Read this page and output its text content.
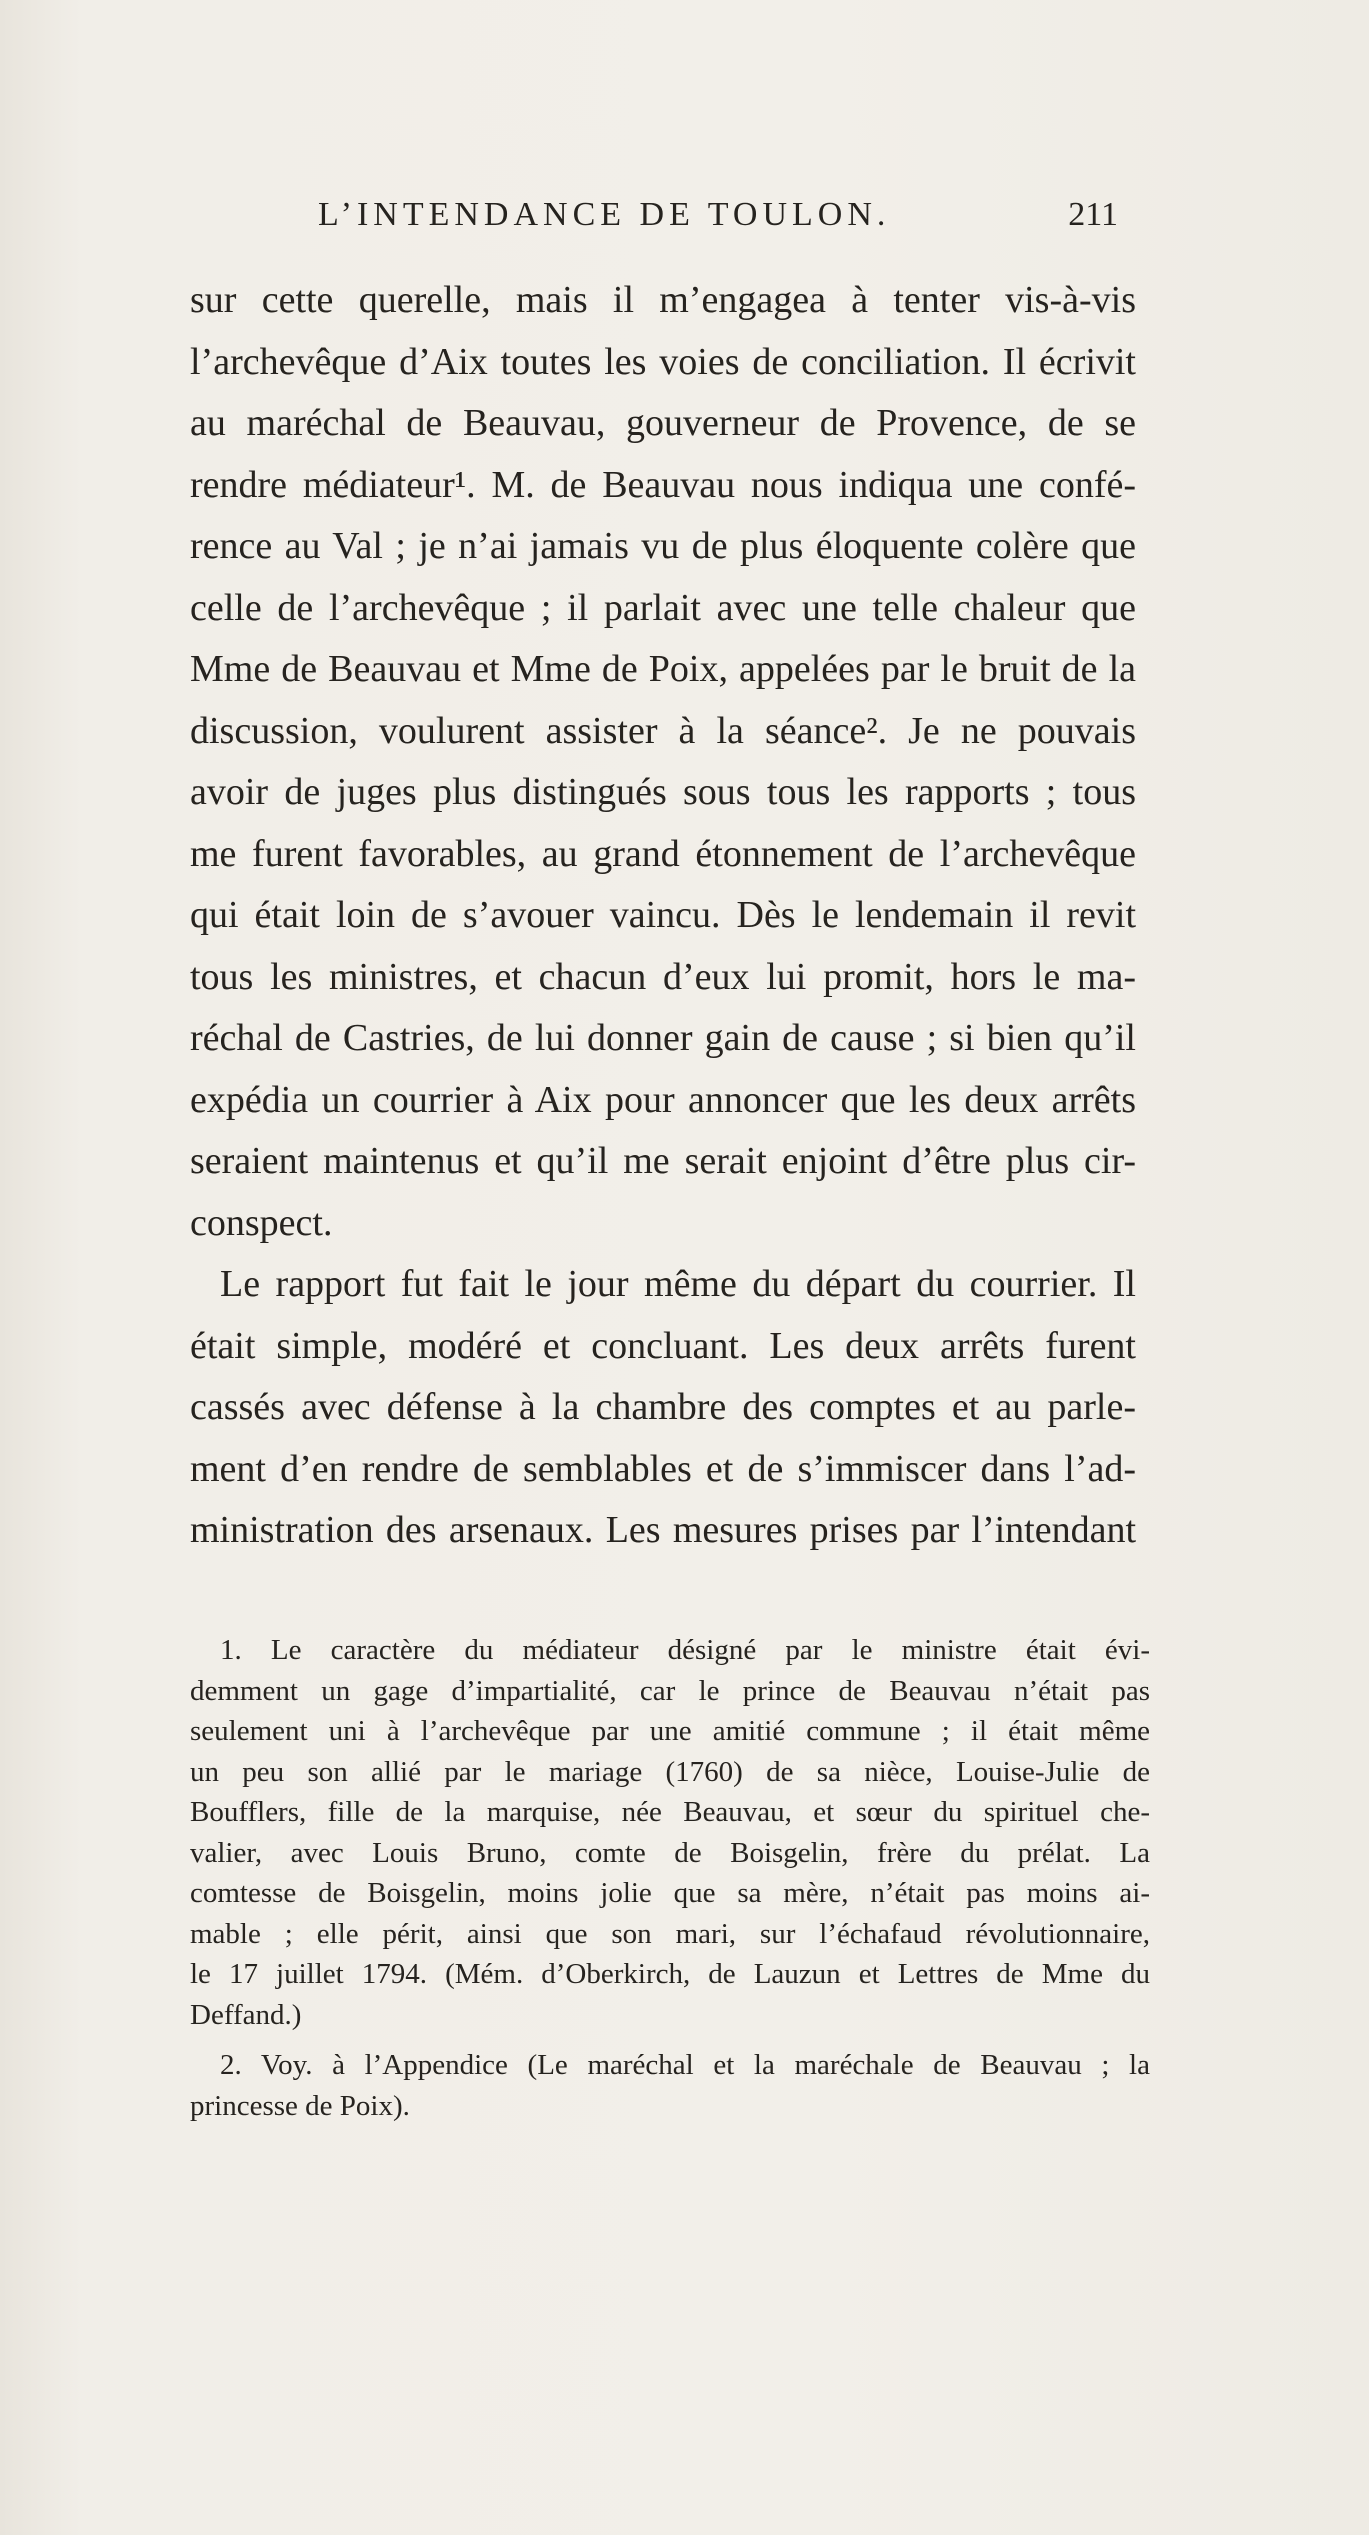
L’INTENDANCE DE TOULON.	211
sur cette querelle, mais il m’engagea à tenter vis-à-vis
l’archevêque d’Aix toutes les voies de conciliation. Il écrivit
au maréchal de Beauvau, gouverneur de Provence, de se
rendre médiateur¹. M. de Beauvau nous indiqua une confé-
rence au Val ; je n’ai jamais vu de plus éloquente colère que
celle de l’archevêque ; il parlait avec une telle chaleur que
Mme de Beauvau et Mme de Poix, appelées par le bruit de la
discussion, voulurent assister à la séance². Je ne pouvais
avoir de juges plus distingués sous tous les rapports ; tous
me furent favorables, au grand étonnement de l’archevêque
qui était loin de s’avouer vaincu. Dès le lendemain il revit
tous les ministres, et chacun d’eux lui promit, hors le ma-
réchal de Castries, de lui donner gain de cause ; si bien qu’il
expédia un courrier à Aix pour annoncer que les deux arrêts
seraient maintenus et qu’il me serait enjoint d’être plus cir-
conspect.
Le rapport fut fait le jour même du départ du courrier. Il
était simple, modéré et concluant. Les deux arrêts furent
cassés avec défense à la chambre des comptes et au parle-
ment d’en rendre de semblables et de s’immiscer dans l’ad-
ministration des arsenaux. Les mesures prises par l’intendant
1. Le caractère du médiateur désigné par le ministre était évi-
demment un gage d’impartialité, car le prince de Beauvau n’était pas
seulement uni à l’archevêque par une amitié commune ; il était même
un peu son allié par le mariage (1760) de sa nièce, Louise-Julie de
Boufflers, fille de la marquise, née Beauvau, et sœur du spirituel che-
valier, avec Louis Bruno, comte de Boisgelin, frère du prélat. La
comtesse de Boisgelin, moins jolie que sa mère, n’était pas moins ai-
mable ; elle périt, ainsi que son mari, sur l’échafaud révolutionnaire,
le 17 juillet 1794. (Mém. d’Oberkirch, de Lauzun et Lettres de Mme du
Deffand.)
2. Voy. à l’Appendice (Le maréchal et la maréchale de Beauvau ; la
princesse de Poix).
